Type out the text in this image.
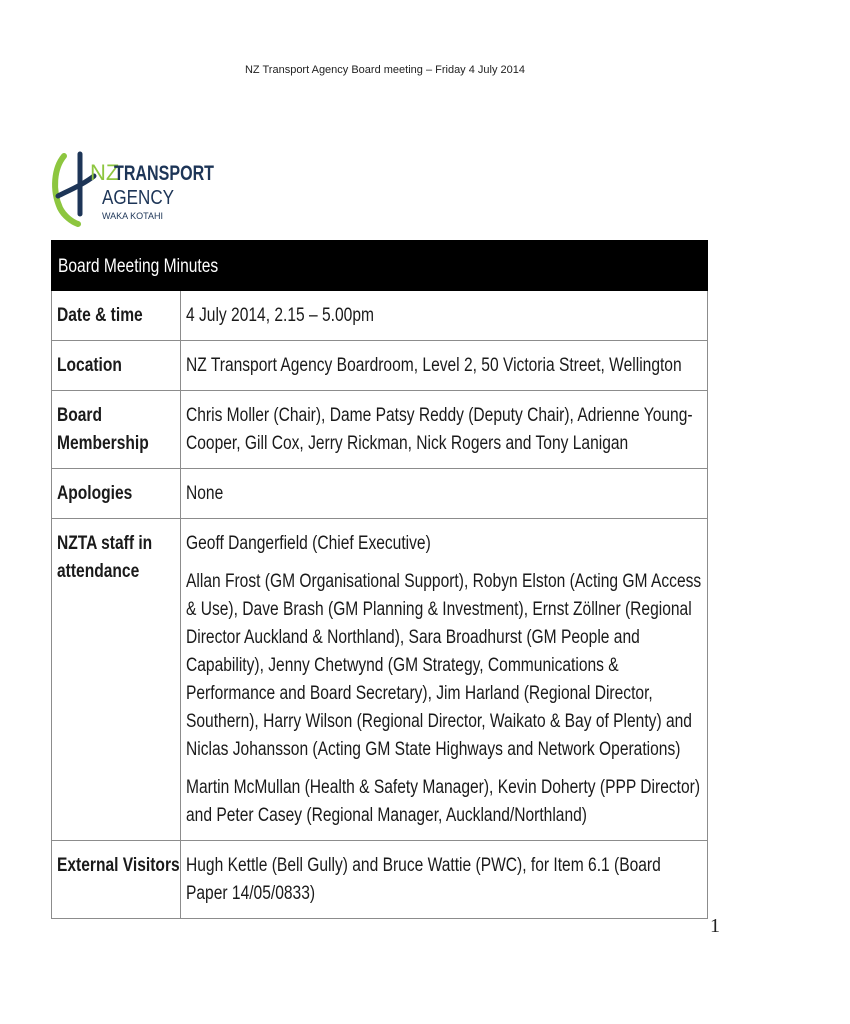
NZ Transport Agency Board meeting – Friday 4 July 2014
NZ
TRANSPORT
AGENCY
WAKA KOTAHI
Board Meeting Minutes	
Date & time	4 July 2014, 2.15 – 5.00pm

Location	NZ Transport Agency Boardroom, Level 2, 50 Victoria Street, Wellington

Board Membership	Chris Moller (Chair), Dame Patsy Reddy (Deputy Chair), Adrienne Young-Cooper, Gill Cox, Jerry Rickman, Nick Rogers and Tony Lanigan

Apologies	None

NZTA staff in attendance	Geoff Dangerfield (Chief Executive)

Allan Frost (GM Organisational Support), Robyn Elston (Acting GM Access & Use), Dave Brash (GM Planning & Investment), Ernst Zöllner (Regional Director Auckland & Northland), Sara Broadhurst (GM People and Capability), Jenny Chetwynd (GM Strategy, Communications & Performance and Board Secretary), Jim Harland (Regional Director, Southern), Harry Wilson (Regional Director, Waikato & Bay of Plenty) and Niclas Johansson (Acting GM State Highways and Network Operations)

Martin McMullan (Health & Safety Manager), Kevin Doherty (PPP Director) and Peter Casey (Regional Manager, Auckland/Northland)

External Visitors	Hugh Kettle (Bell Gully) and Bruce Wattie (PWC), for Item 6.1 (Board Paper 14/05/0833)

1
